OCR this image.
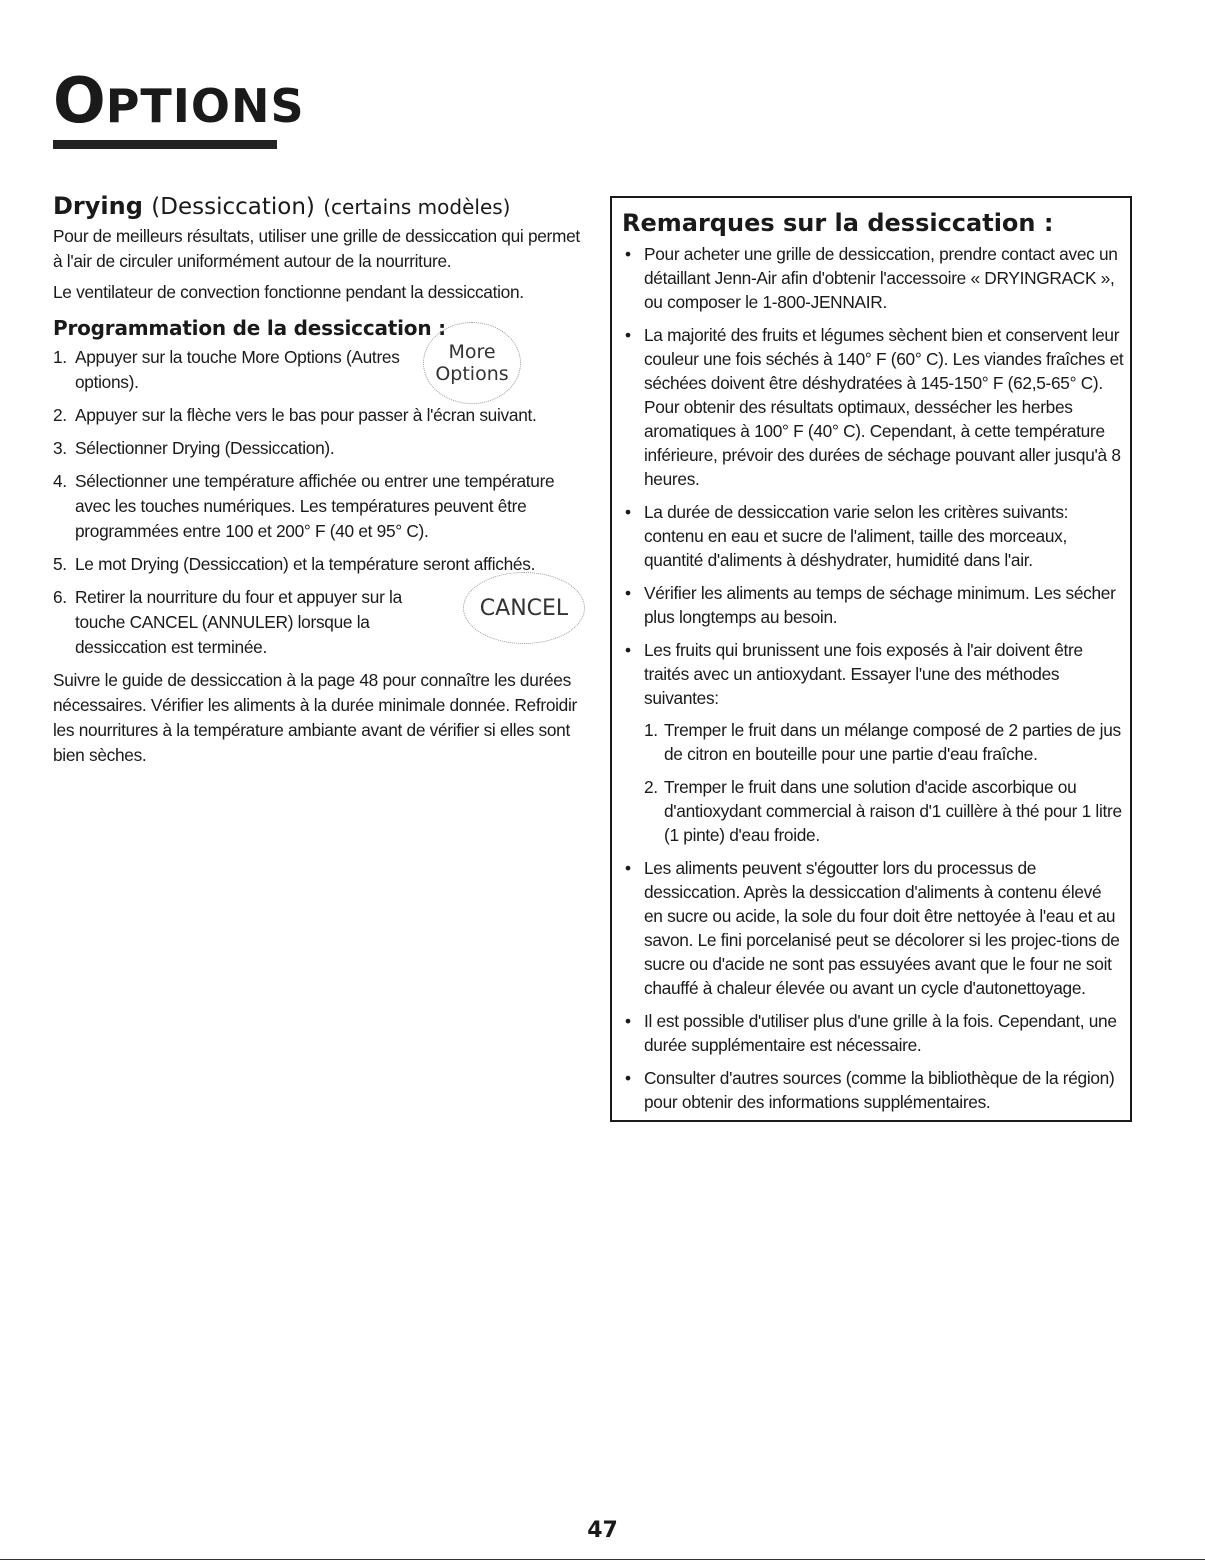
OPTIONS
Drying (Dessiccation) (certains modèles)

Pour de meilleurs résultats, utiliser une grille de dessiccation qui permet à l'air de circuler uniformément autour de la nourriture.

Le ventilateur de convection fonctionne pendant la dessiccation.

Programmation de la dessiccation :
1. Appuyer sur la touche More Options (Autres options).
2. Appuyer sur la flèche vers le bas pour passer à l'écran suivant.
3. Sélectionner Drying (Dessiccation).
4. Sélectionner une température affichée ou entrer une température avec les touches numériques. Les températures peuvent être programmées entre 100 et 200° F (40 et 95° C).
5. Le mot Drying (Dessiccation) et la température seront affichés.
6. Retirer la nourriture du four et appuyer sur la touche CANCEL (ANNULER) lorsque la dessiccation est terminée.

Suivre le guide de dessiccation à la page 48 pour connaître les durées nécessaires. Vérifier les aliments à la durée minimale donnée. Refroidir les nourritures à la température ambiante avant de vérifier si elles sont bien sèches.

More
Options
CANCEL
Remarques sur la dessiccation :
• Pour acheter une grille de dessiccation, prendre contact avec un détaillant Jenn-Air afin d'obtenir l'accessoire « DRYINGRACK », ou composer le 1-800-JENNAIR.
• La majorité des fruits et légumes sèchent bien et conservent leur couleur une fois séchés à 140° F (60° C). Les viandes fraîches et séchées doivent être déshydratées à 145-150° F (62,5-65° C). Pour obtenir des résultats optimaux, dessécher les herbes aromatiques à 100° F (40° C). Cependant, à cette température inférieure, prévoir des durées de séchage pouvant aller jusqu'à 8 heures.
• La durée de dessiccation varie selon les critères suivants: contenu en eau et sucre de l'aliment, taille des morceaux, quantité d'aliments à déshydrater, humidité dans l'air.
• Vérifier les aliments au temps de séchage minimum. Les sécher plus longtemps au besoin.
• Les fruits qui brunissent une fois exposés à l'air doivent être traités avec un antioxydant. Essayer l'une des méthodes suivantes:
1. Tremper le fruit dans un mélange composé de 2 parties de jus de citron en bouteille pour une partie d'eau fraîche.
2. Tremper le fruit dans une solution d'acide ascorbique ou d'antioxydant commercial à raison d'1 cuillère à thé pour 1 litre (1 pinte) d'eau froide.
• Les aliments peuvent s'égoutter lors du processus de dessiccation. Après la dessiccation d'aliments à contenu élevé en sucre ou acide, la sole du four doit être nettoyée à l'eau et au savon. Le fini porcelanisé peut se décolorer si les projec-tions de sucre ou d'acide ne sont pas essuyées avant que le four ne soit chauffé à chaleur élevée ou avant un cycle d'autonettoyage.
• Il est possible d'utiliser plus d'une grille à la fois. Cependant, une durée supplémentaire est nécessaire.
• Consulter d'autres sources (comme la bibliothèque de la région) pour obtenir des informations supplémentaires.
47
